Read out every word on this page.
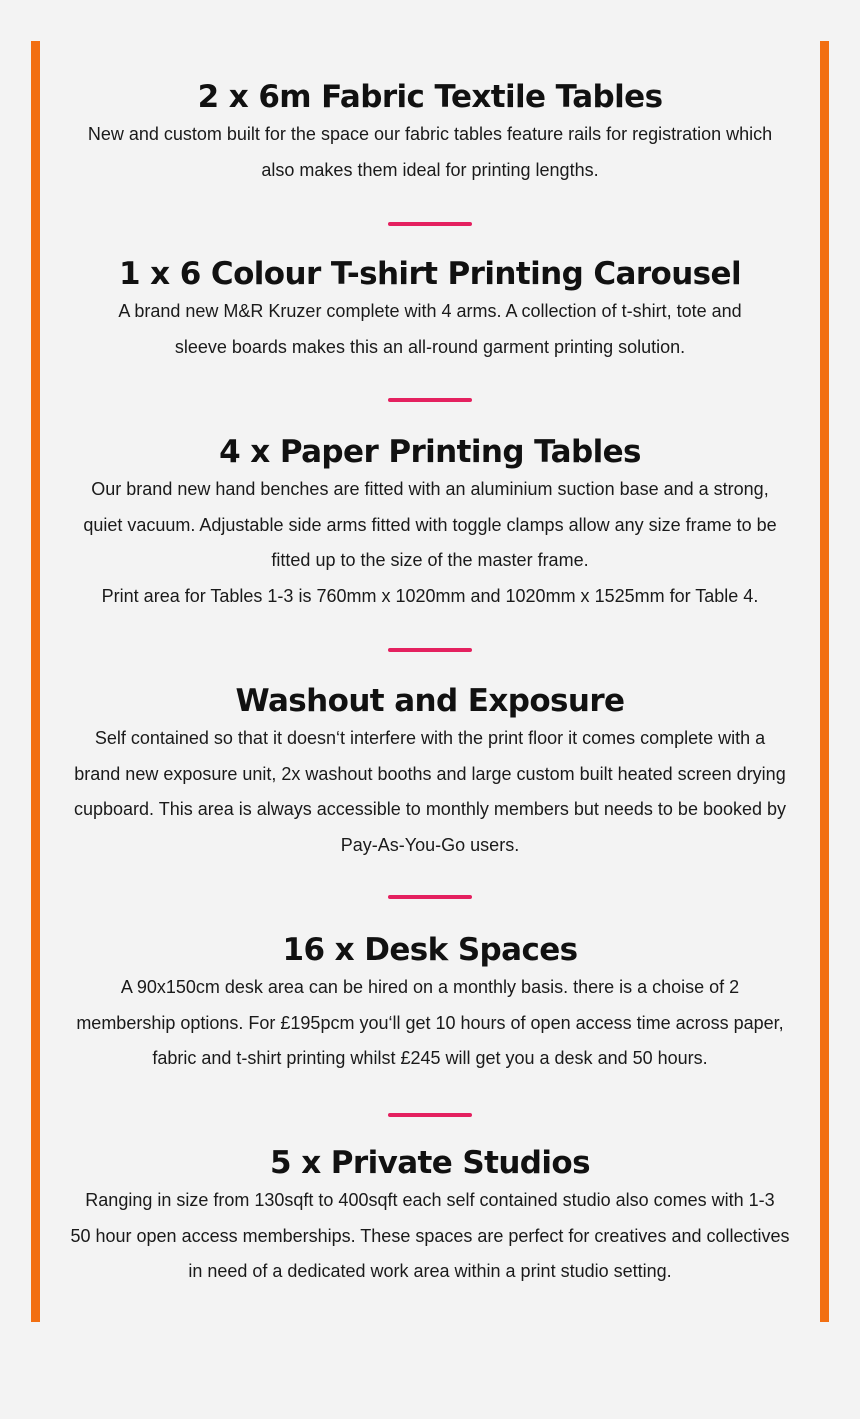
2 x 6m Fabric Textile Tables

New and custom built for the space our fabric tables feature rails for registration which

also makes them ideal for printing lengths.

1 x 6 Colour T-shirt Printing Carousel

A brand new M&R Kruzer complete with 4 arms. A collection of t-shirt, tote and

sleeve boards makes this an all-round garment printing solution.

4 x Paper Printing Tables

Our brand new hand benches are fitted with an aluminium suction base and a strong,

quiet vacuum. Adjustable side arms fitted with toggle clamps allow any size frame to be

fitted up to the size of the master frame.

Print area for Tables 1-3 is 760mm x 1020mm and 1020mm x 1525mm for Table 4.

Washout and Exposure

Self contained so that it doesn‘t interfere with the print floor it comes complete with a

brand new exposure unit, 2x washout booths and large custom built heated screen drying

cupboard. This area is always accessible to monthly members but needs to be booked by

Pay-As-You-Go users.

16 x Desk Spaces

A 90x150cm desk area can be hired on a monthly basis. there is a choise of 2

membership options. For £195pcm you‘ll get 10 hours of open access time across paper,

fabric and t-shirt printing whilst £245 will get you a desk and 50 hours.

5 x Private Studios

Ranging in size from 130sqft to 400sqft each self contained studio also comes with 1-3

50 hour open access memberships. These spaces are perfect for creatives and collectives

in need of a dedicated work area within a print studio setting.
